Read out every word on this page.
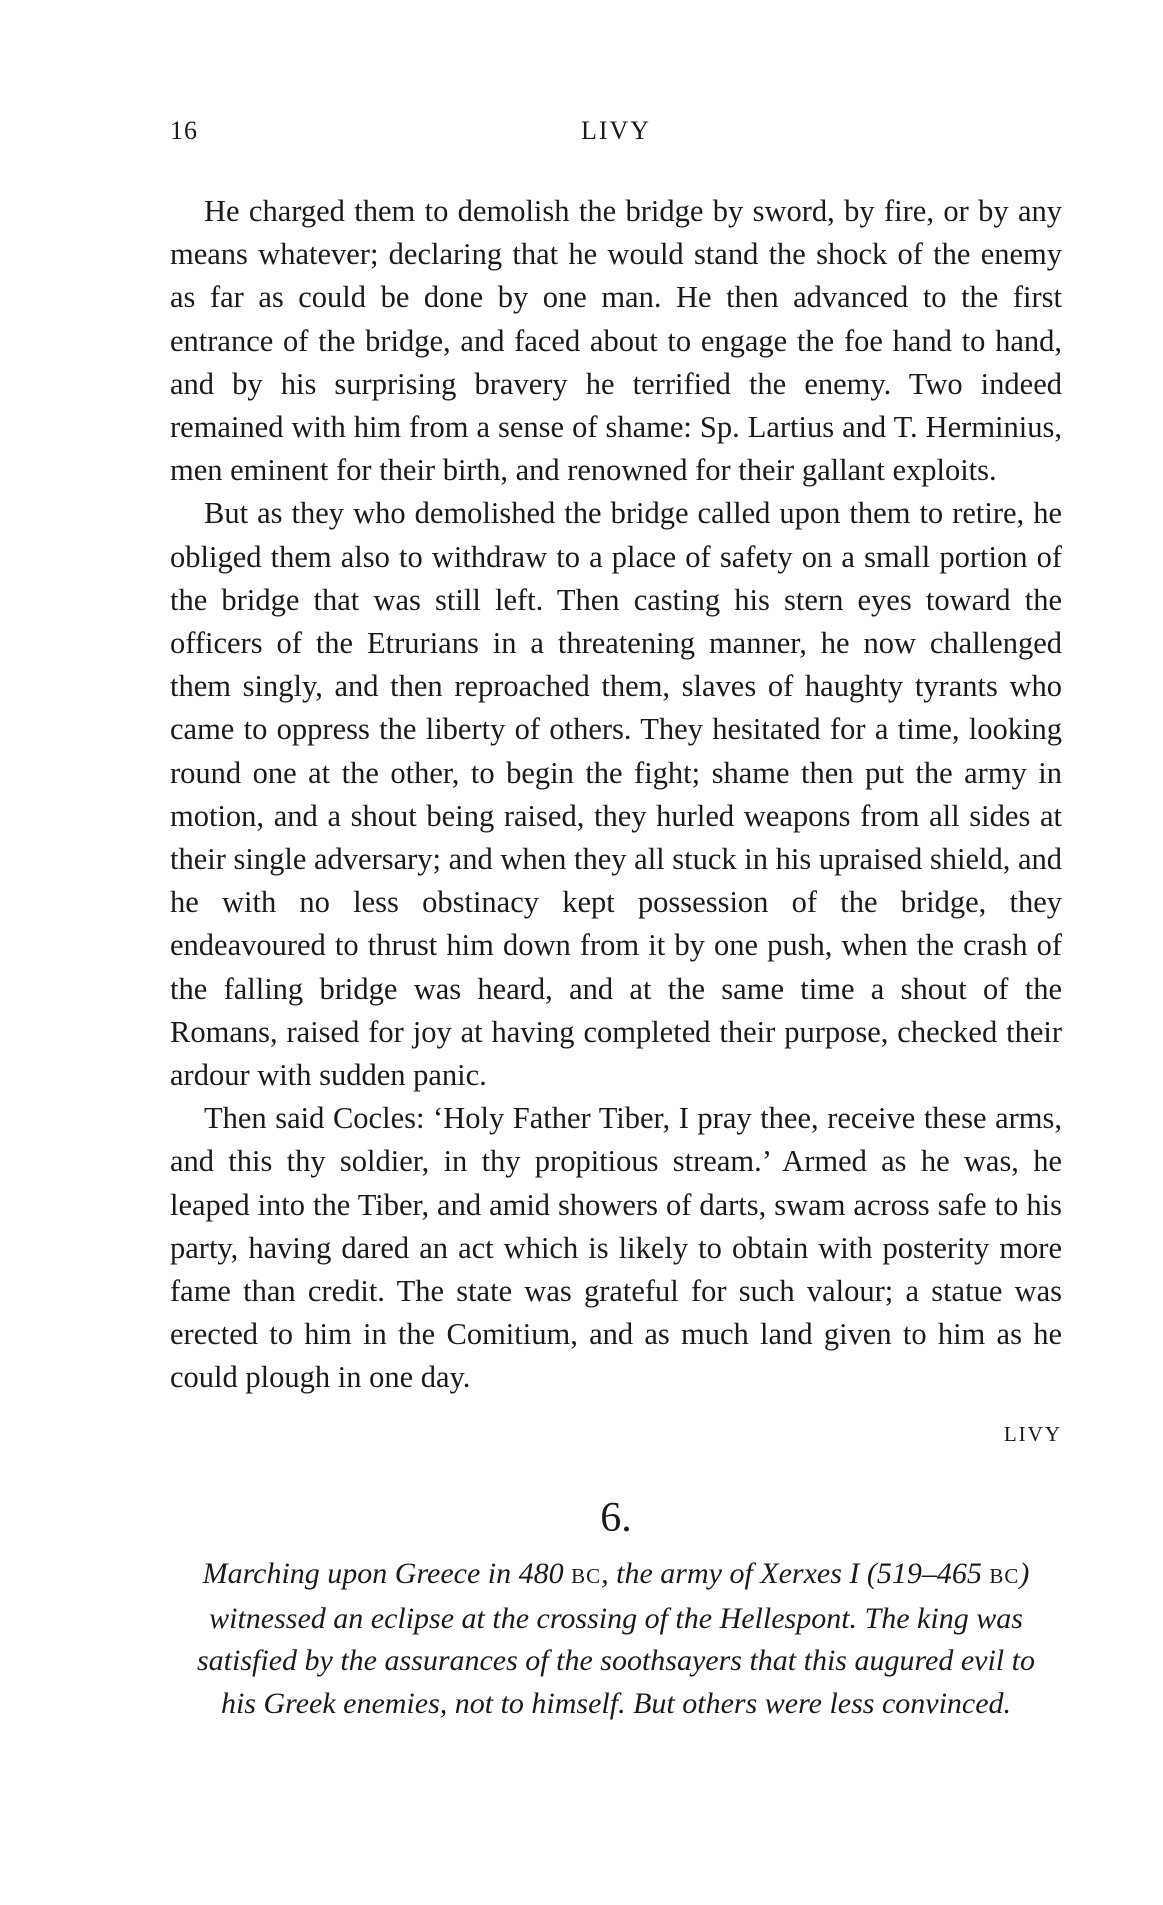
16	LIVY

He charged them to demolish the bridge by sword, by fire, or by any means whatever; declaring that he would stand the shock of the enemy as far as could be done by one man. He then advanced to the first entrance of the bridge, and faced about to engage the foe hand to hand, and by his surprising bravery he terrified the enemy. Two indeed remained with him from a sense of shame: Sp. Lartius and T. Herminius, men eminent for their birth, and renowned for their gallant exploits.

But as they who demolished the bridge called upon them to retire, he obliged them also to withdraw to a place of safety on a small portion of the bridge that was still left. Then casting his stern eyes toward the officers of the Etrurians in a threatening manner, he now challenged them singly, and then reproached them, slaves of haughty tyrants who came to oppress the liberty of others. They hesitated for a time, looking round one at the other, to begin the fight; shame then put the army in motion, and a shout being raised, they hurled weapons from all sides at their single adversary; and when they all stuck in his upraised shield, and he with no less obstinacy kept possession of the bridge, they endeavoured to thrust him down from it by one push, when the crash of the falling bridge was heard, and at the same time a shout of the Romans, raised for joy at having completed their purpose, checked their ardour with sudden panic.

Then said Cocles: ‘Holy Father Tiber, I pray thee, receive these arms, and this thy soldier, in thy propitious stream.’ Armed as he was, he leaped into the Tiber, and amid showers of darts, swam across safe to his party, having dared an act which is likely to obtain with posterity more fame than credit. The state was grateful for such valour; a statue was erected to him in the Comitium, and as much land given to him as he could plough in one day.

LIVY
6.
Marching upon Greece in 480 BC, the army of Xerxes I (519–465 BC) witnessed an eclipse at the crossing of the Hellespont. The king was satisfied by the assurances of the soothsayers that this augured evil to his Greek enemies, not to himself. But others were less convinced.
